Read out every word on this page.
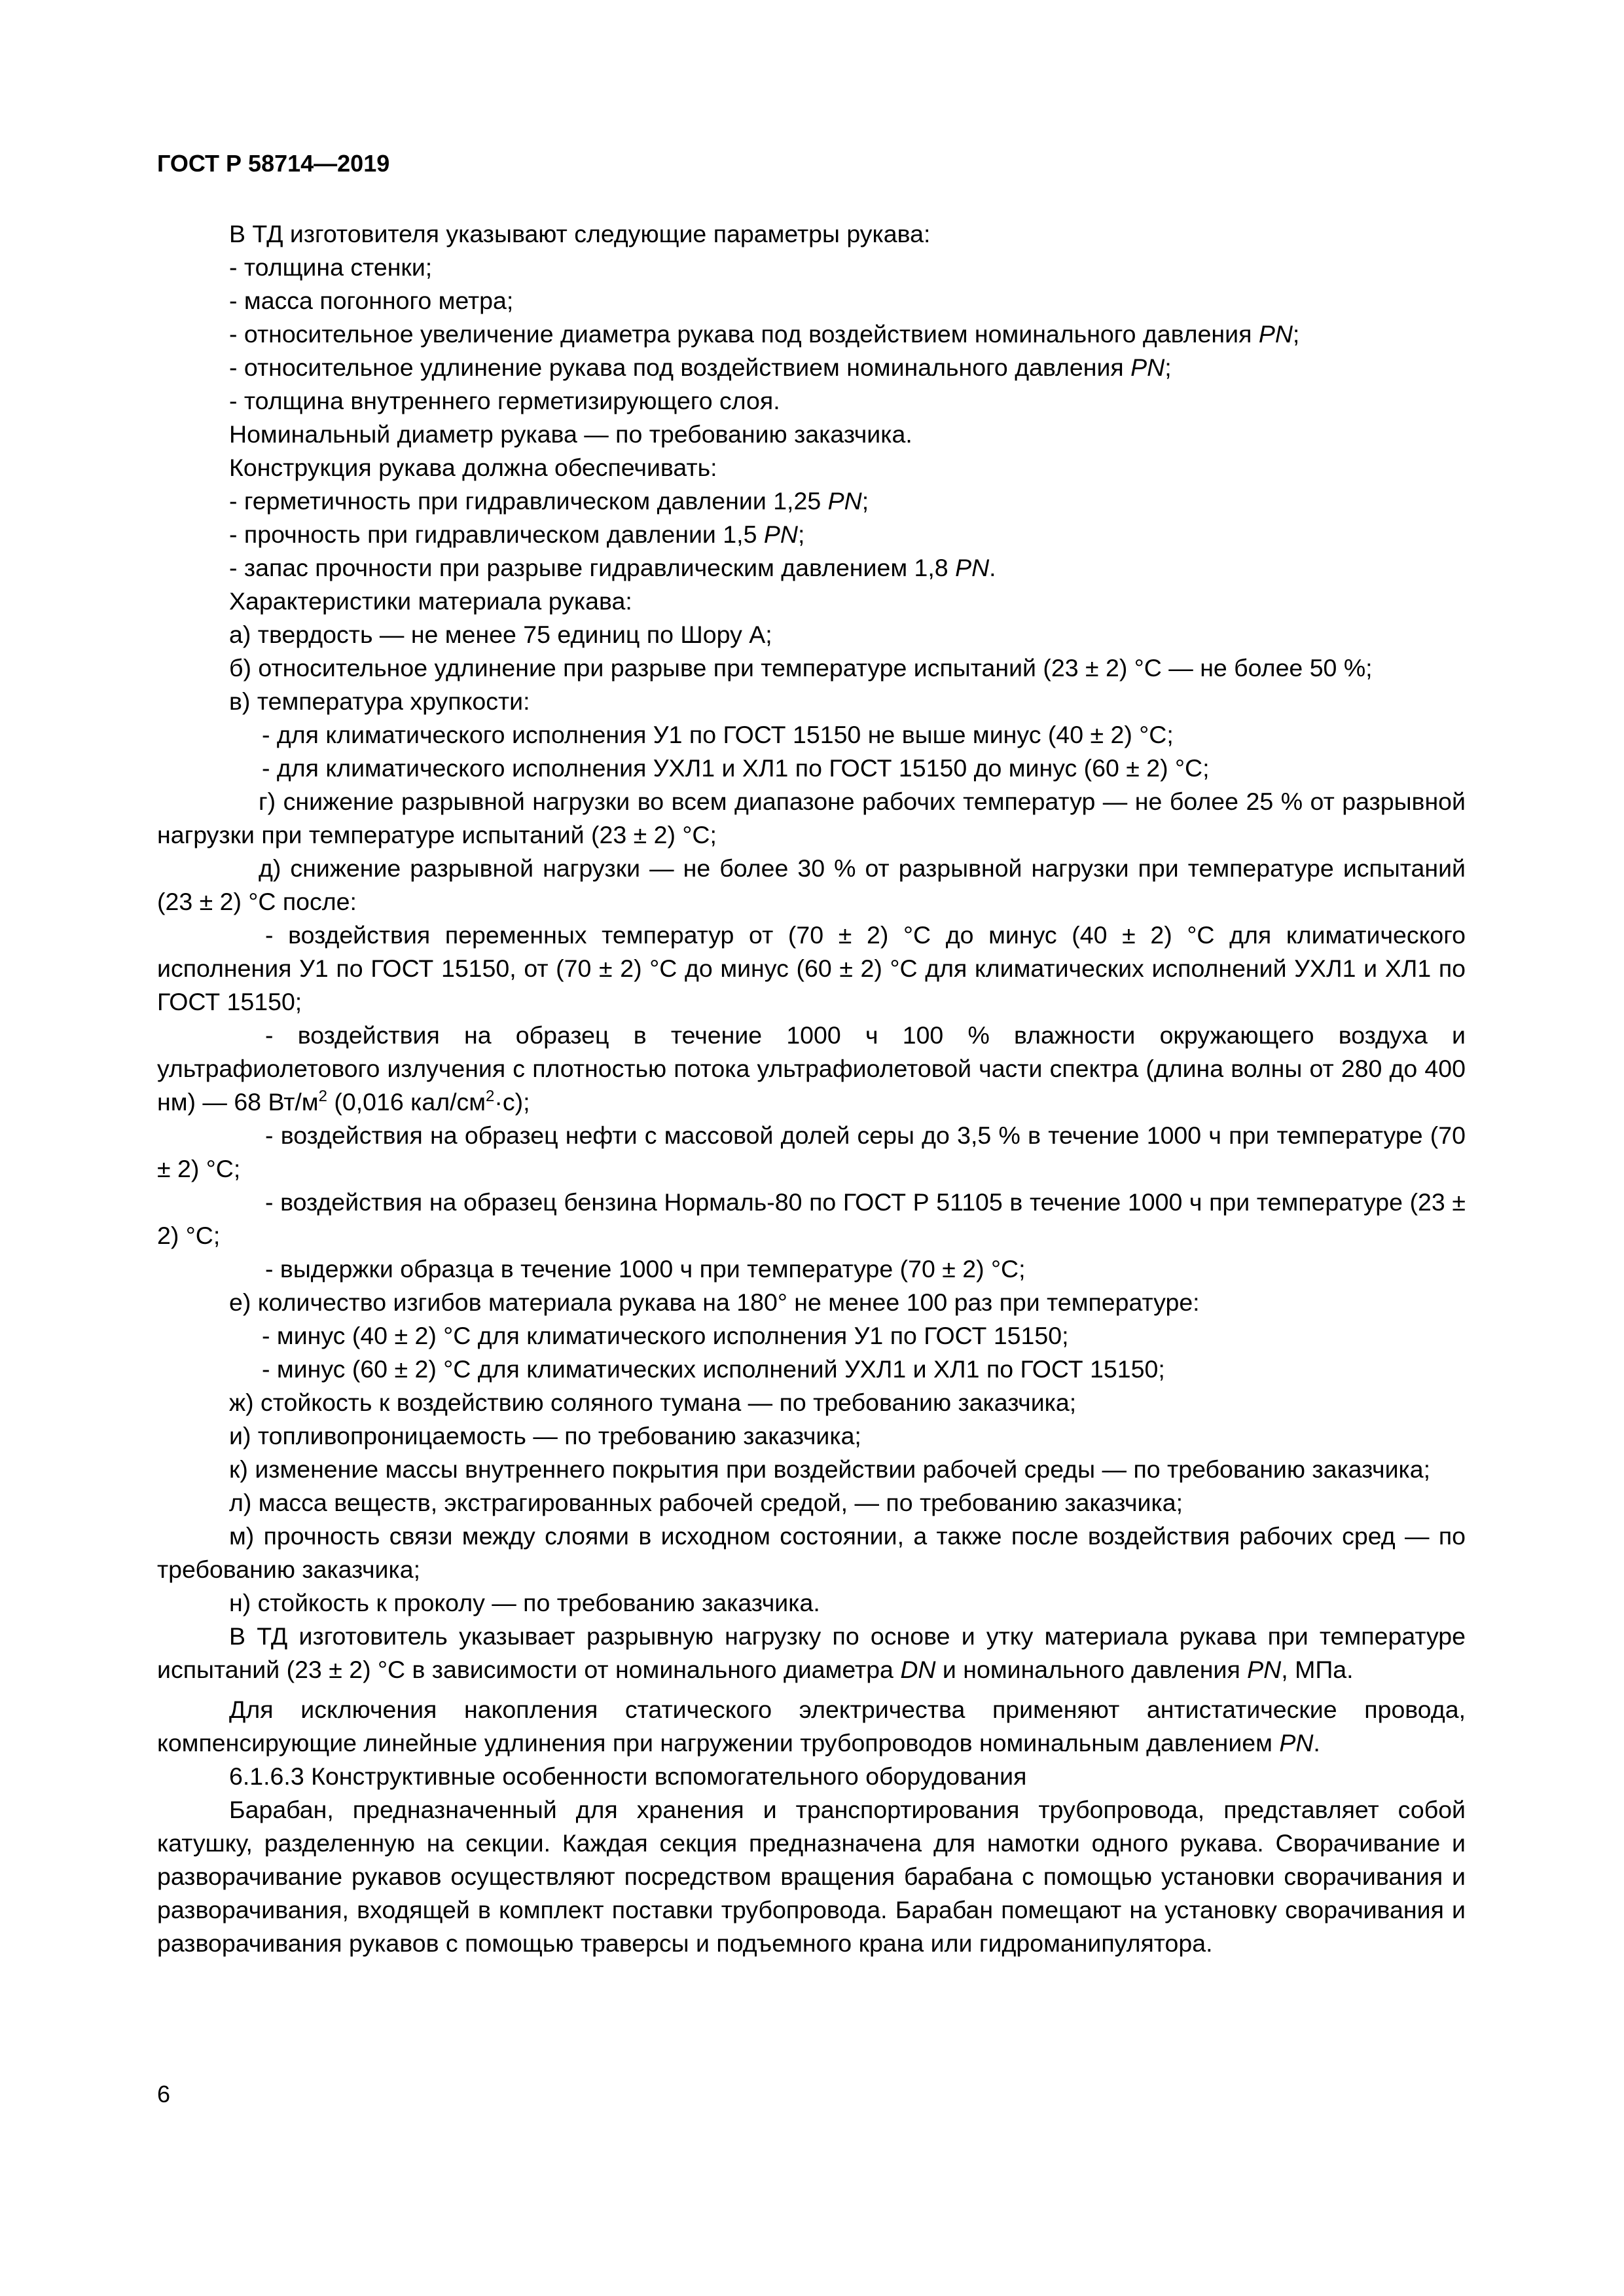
ГОСТ Р 58714—2019

В ТД изготовителя указывают следующие параметры рукава:

- толщина стенки;

- масса погонного метра;

- относительное увеличение диаметра рукава под воздействием номинального давления PN;

- относительное удлинение рукава под воздействием номинального давления PN;

- толщина внутреннего герметизирующего слоя.

Номинальный диаметр рукава — по требованию заказчика.

Конструкция рукава должна обеспечивать:

- герметичность при гидравлическом давлении 1,25 PN;

- прочность при гидравлическом давлении 1,5 PN;

- запас прочности при разрыве гидравлическим давлением 1,8 PN.

Характеристики материала рукава:

а) твердость — не менее 75 единиц по Шору А;

б) относительное удлинение при разрыве при температуре испытаний (23 ± 2) °С — не более 50 %;

в) температура хрупкости:

- для климатического исполнения У1 по ГОСТ 15150 не выше минус (40 ± 2) °С;

- для климатического исполнения УХЛ1 и ХЛ1 по ГОСТ 15150 до минус (60 ± 2) °С;

г) снижение разрывной нагрузки во всем диапазоне рабочих температур — не более 25 % от разрывной нагрузки при температуре испытаний (23 ± 2) °С;

д) снижение разрывной нагрузки — не более 30 % от разрывной нагрузки при температуре испытаний (23 ± 2) °С после:

- воздействия переменных температур от (70 ± 2) °С до минус (40 ± 2) °С для климатического исполнения У1 по ГОСТ 15150, от (70 ± 2) °С до минус (60 ± 2) °С для климатических исполнений УХЛ1 и ХЛ1 по ГОСТ 15150;

- воздействия на образец в течение 1000 ч 100 % влажности окружающего воздуха и ультрафиолетового излучения с плотностью потока ультрафиолетовой части спектра (длина волны от 280 до 400 нм) — 68 $Вт/м^2$ (0,016 кал/$см^2\cdot с$);

- воздействия на образец нефти с массовой долей серы до 3,5 % в течение 1000 ч при температуре (70 ± 2) °С;

- воздействия на образец бензина Нормаль-80 по ГОСТ Р 51105 в течение 1000 ч при температуре (23 ± 2) °С;

- выдержки образца в течение 1000 ч при температуре (70 ± 2) °С;

е) количество изгибов материала рукава на 180° не менее 100 раз при температуре:

- минус (40 ± 2) °С для климатического исполнения У1 по ГОСТ 15150;

- минус (60 ± 2) °С для климатических исполнений УХЛ1 и ХЛ1 по ГОСТ 15150;

ж) стойкость к воздействию соляного тумана — по требованию заказчика;

и) топливопроницаемость — по требованию заказчика;

к) изменение массы внутреннего покрытия при воздействии рабочей среды — по требованию заказчика;

л) масса веществ, экстрагированных рабочей средой, — по требованию заказчика;

м) прочность связи между слоями в исходном состоянии, а также после воздействия рабочих сред — по требованию заказчика;

н) стойкость к проколу — по требованию заказчика.

В ТД изготовитель указывает разрывную нагрузку по основе и утку материала рукава при температуре испытаний (23 ± 2) °С в зависимости от номинального диаметра DN и номинального давления PN, МПа.

Для исключения накопления статического электричества применяют антистатические провода, компенсирующие линейные удлинения при нагружении трубопроводов номинальным давлением PN.

6.1.6.3 Конструктивные особенности вспомогательного оборудования

Барабан, предназначенный для хранения и транспортирования трубопровода, представляет собой катушку, разделенную на секции. Каждая секция предназначена для намотки одного рукава. Сворачивание и разворачивание рукавов осуществляют посредством вращения барабана с помощью установки сворачивания и разворачивания, входящей в комплект поставки трубопровода. Барабан помещают на установку сворачивания и разворачивания рукавов с помощью траверсы и подъемного крана или гидроманипулятора.

6
